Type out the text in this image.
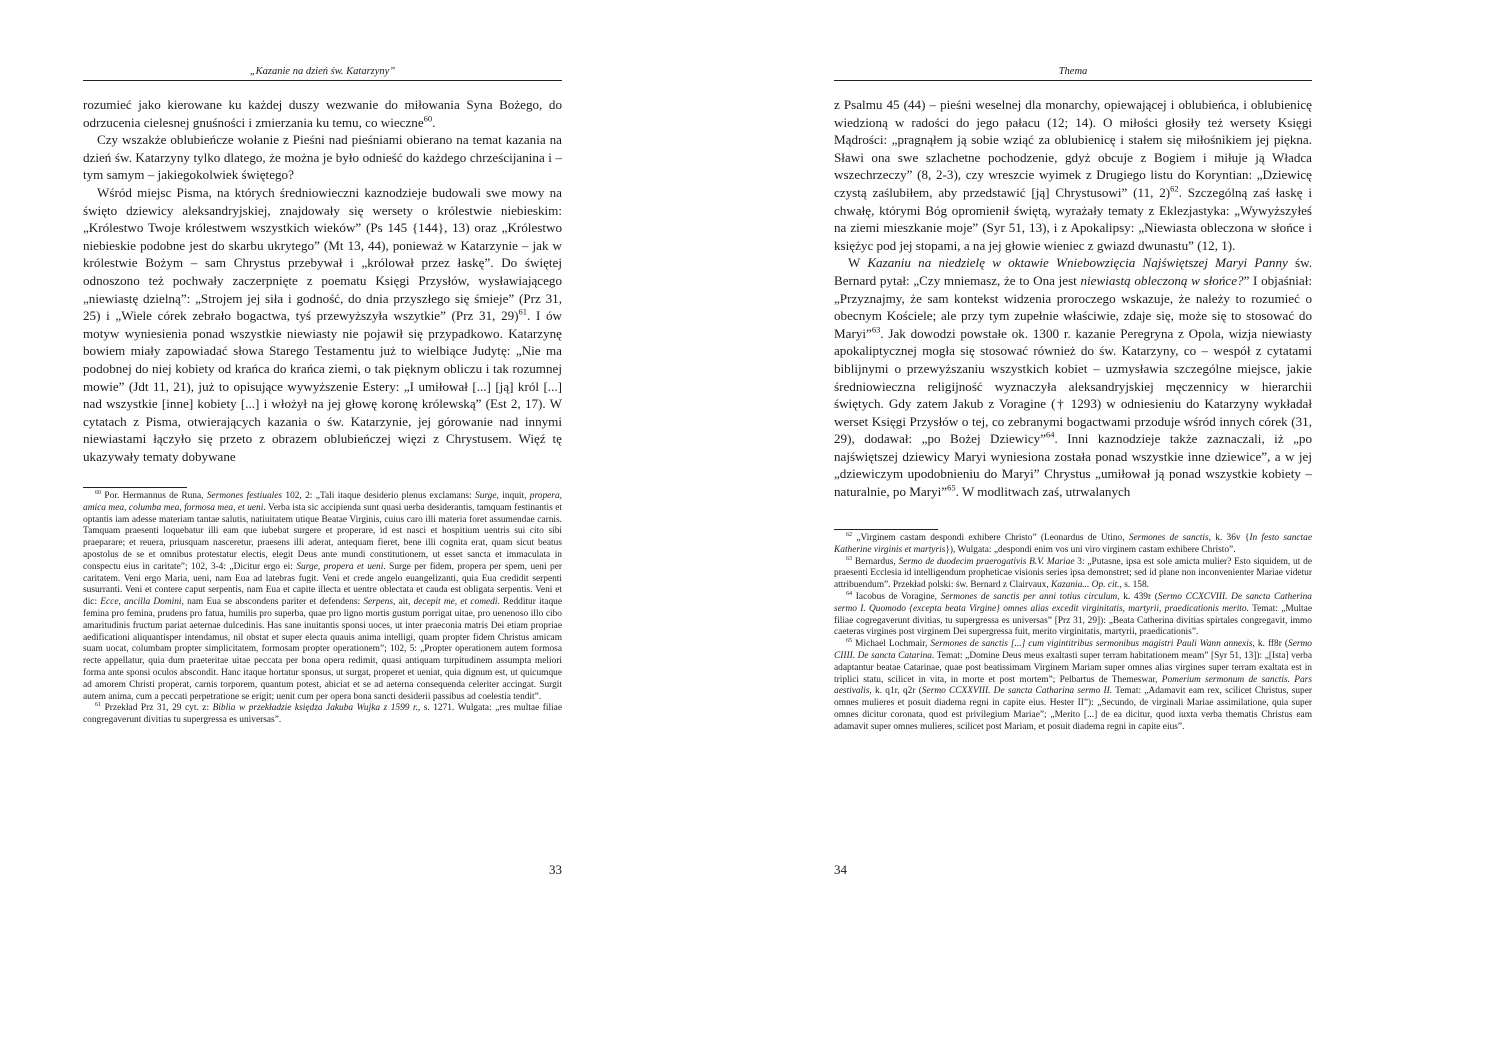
„Kazanie na dzień św. Katarzyny”

rozumieć jako kierowane ku każdej duszy wezwanie do miłowania Syna Bożego, do odrzucenia cielesnej gnuśności i zmierzania ku temu, co wieczne$^{60}$.

Czy wszakże oblubieńcze wołanie z Pieśni nad pieśniami obierano na temat kazania na dzień św. Katarzyny tylko dlatego, że można je było odnieść do każdego chrześcijanina i – tym samym – jakiegokolwiek świętego?

Wśród miejsc Pisma, na których średniowieczni kaznodzieje budowali swe mowy na święto dziewicy aleksandryjskiej, znajdowały się wersety o królestwie niebieskim: „Królestwo Twoje królestwem wszystkich wieków” (Ps 145 {144}, 13) oraz „Królestwo niebieskie podobne jest do skarbu ukrytego” (Mt 13, 44), ponieważ w Katarzynie – jak w królestwie Bożym – sam Chrystus przebywał i „królował przez łaskę”. Do świętej odnoszono też pochwały zaczerpnięte z poematu Księgi Przysłów, wysławiającego „niewiastę dzielną”: „Strojem jej siła i godność, do dnia przyszłego się śmieje” (Prz 31, 25) i „Wiele córek zebrało bogactwa, tyś przewyższyła wszytkie” (Prz 31, 29)$^{61}$. I ów motyw wyniesienia ponad wszystkie niewiasty nie pojawił się przypadkowo. Katarzynę bowiem miały zapowiadać słowa Starego Testamentu już to wielbiące Judytę: „Nie ma podobnej do niej kobiety od krańca do krańca ziemi, o tak pięknym obliczu i tak rozumnej mowie” (Jdt 11, 21), już to opisujące wywyższenie Estery: „I umiłował [...] [ją] król [...] nad wszystkie [inne] kobiety [...] i włożył na jej głowę koronę królewską” (Est 2, 17). W cytatach z Pisma, otwierających kazania o św. Katarzynie, jej górowanie nad innymi niewiastami łączyło się przeto z obrazem oblubieńczej więzi z Chrystusem. Więź tę ukazywały tematy dobywane

$^{60}$ Por. Hermannus de Runa, Sermones festiuales 102, 2: „Tali itaque desiderio plenus exclamans: Surge, inquit, propera, amica mea, columba mea, formosa mea, et ueni. Verba ista sic accipienda sunt quasi uerba desiderantis, tamquam festinantis et optantis iam adesse materiam tantae salutis, natiuitatem utique Beatae Virginis, cuius caro illi materia foret assumendae carnis. Tamquam praesenti loquebatur illi eam que iubebat surgere et properare, id est nasci et hospitium uentris sui cito sibi praeparare; et reuera, priusquam nasceretur, praesens illi aderat, antequam fieret, bene illi cognita erat, quam sicut beatus apostolus de se et omnibus protestatur electis, elegit Deus ante mundi constitutionem, ut esset sancta et immaculata in conspectu eius in caritate”; 102, 3-4: „Dicitur ergo ei: Surge, propera et ueni. Surge per fidem, propera per spem, ueni per caritatem. Veni ergo Maria, ueni, nam Eua ad latebras fugit. Veni et crede angelo euangelizanti, quia Eua credidit serpenti susurranti. Veni et contere caput serpentis, nam Eua et capite illecta et uentre oblectata et cauda est obligata serpentis. Veni et dic: Ecce, ancilla Domini, nam Eua se abscondens pariter et defendens: Serpens, ait, decepit me, et comedi. Redditur itaque femina pro femina, prudens pro fatua, humilis pro superba, quae pro ligno mortis gustum porrigat uitae, pro uenenoso illo cibo amaritudinis fructum pariat aeternae dulcedinis. Has sane inuitantis sponsi uoces, ut inter praeconia matris Dei etiam propriae aedificationi aliquantisper intendamus, nil obstat et super electa quauis anima intelligi, quam propter fidem Christus amicam suam uocat, columbam propter simplicitatem, formosam propter operationem”; 102, 5: „Propter operationem autem formosa recte appellatur, quia dum praeteritae uitae peccata per bona opera redimit, quasi antiquam turpitudinem assumpta meliori forma ante sponsi oculos abscondit. Hanc itaque hortatur sponsus, ut surgat, properet et ueniat, quia dignum est, ut quicumque ad amorem Christi properat, carnis torporem, quantum potest, abiciat et se ad aeterna consequenda celeriter accingat. Surgit autem anima, cum a peccati perpetratione se erigit; uenit cum per opera bona sancti desiderii passibus ad coelestia tendit”.

$^{61}$ Przekład Prz 31, 29 cyt. z: Biblia w przekładzie księdza Jakuba Wujka z 1599 r., s. 1271. Wulgata: „res multae filiae congregaverunt divitias tu supergressa es universas”.

33
Thema

z Psalmu 45 (44) – pieśni weselnej dla monarchy, opiewającej i oblubieńca, i oblubienicę wiedzioną w radości do jego pałacu (12; 14). O miłości głosiły też wersety Księgi Mądrości: „pragnąłem ją sobie wziąć za oblubienicę i stałem się miłośnikiem jej piękna. Sławi ona swe szlachetne pochodzenie, gdyż obcuje z Bogiem i miłuje ją Władca wszechrzeczy” (8, 2-3), czy wreszcie wyimek z Drugiego listu do Koryntian: „Dziewicę czystą zaślubiłem, aby przedstawić [ją] Chrystusowi” (11, 2)$^{62}$. Szczególną zaś łaskę i chwałę, którymi Bóg opromienił świętą, wyrażały tematy z Eklezjastyka: „Wywyższyłeś na ziemi mieszkanie moje” (Syr 51, 13), i z Apokalipsy: „Niewiasta obleczona w słońce i księżyc pod jej stopami, a na jej głowie wieniec z gwiazd dwunastu” (12, 1).

W Kazaniu na niedzielę w oktawie Wniebowzięcia Najświętszej Maryi Panny św. Bernard pytał: „Czy mniemasz, że to Ona jest niewiastą obleczoną w słońce?” I objaśniał: „Przyznajmy, że sam kontekst widzenia proroczego wskazuje, że należy to rozumieć o obecnym Kościele; ale przy tym zupełnie właściwie, zdaje się, może się to stosować do Maryi”$^{63}$. Jak dowodzi powstałe ok. 1300 r. kazanie Peregryna z Opola, wizja niewiasty apokaliptycznej mogła się stosować również do św. Katarzyny, co – wespół z cytatami biblijnymi o przewyższaniu wszystkich kobiet – uzmysławia szczególne miejsce, jakie średniowieczna religijność wyznaczyła aleksandryjskiej męczennicy w hierarchii świętych. Gdy zatem Jakub z Voragine († 1293) w odniesieniu do Katarzyny wykładał werset Księgi Przysłów o tej, co zebranymi bogactwami przoduje wśród innych córek (31, 29), dodawał: „po Bożej Dziewicy”$^{64}$. Inni kaznodzieje także zaznaczali, iż „po najświętszej dziewicy Maryi wyniesiona została ponad wszystkie inne dziewice”, a w jej „dziewiczym upodobnieniu do Maryi” Chrystus „umiłował ją ponad wszystkie kobiety – naturalnie, po Maryi”$^{65}$. W modlitwach zaś, utrwalanych

$^{62}$ „Virginem castam despondi exhibere Christo” (Leonardus de Utino, Sermones de sanctis, k. 36v {In festo sanctae Katherine virginis et martyris}), Wulgata: „despondi enim vos uni viro virginem castam exhibere Christo”.

$^{63}$ Bernardus, Sermo de duodecim praerogativis B.V. Mariae 3: „Putasne, ipsa est sole amicta mulier? Esto siquidem, ut de praesenti Ecclesia id intelligendum propheticae visionis series ipsa demonstret; sed id plane non inconvenienter Mariae videtur attribuendum”. Przekład polski: św. Bernard z Clairvaux, Kazania... Op. cit., s. 158.

$^{64}$ Iacobus de Voragine, Sermones de sanctis per anni totius circulum, k. 439r (Sermo CCXCVIII. De sancta Catherina sermo I. Quomodo {excepta beata Virgine} omnes alias excedit virginitatis, martyrii, praedicationis merito. Temat: „Multae filiae cogregaverunt divitias, tu supergressa es universas” [Prz 31, 29]): „Beata Catherina divitias spirtales congregavit, immo caeteras virgines post virginem Dei supergressa fuit, merito virginitatis, martyrii, praedicationis”.

$^{65}$ Michael Lochmair, Sermones de sanctis [...] cum vigintitribus sermonibus magistri Pauli Wann annexis, k. ff8r (Sermo CIIII. De sancta Catarina. Temat: „Domine Deus meus exaltasti super terram habitationem meam” [Syr 51, 13]): „[Ista] verba adaptantur beatae Catarinae, quae post beatissimam Virginem Mariam super omnes alias virgines super terram exaltata est in triplici statu, scilicet in vita, in morte et post mortem”; Pelbartus de Themeswar, Pomerium sermonum de sanctis. Pars aestivalis, k. q1r, q2r (Sermo CCXXVIII. De sancta Catharina sermo II. Temat: „Adamavit eam rex, scilicet Christus, super omnes mulieres et posuit diadema regni in capite eius. Hester II”): „Secundo, de virginali Mariae assimilatione, quia super omnes dicitur coronata, quod est privilegium Mariae”; „Merito [...] de ea dicitur, quod iuxta verba thematis Christus eam adamavit super omnes mulieres, scilicet post Mariam, et posuit diadema regni in capite eius”.

34
